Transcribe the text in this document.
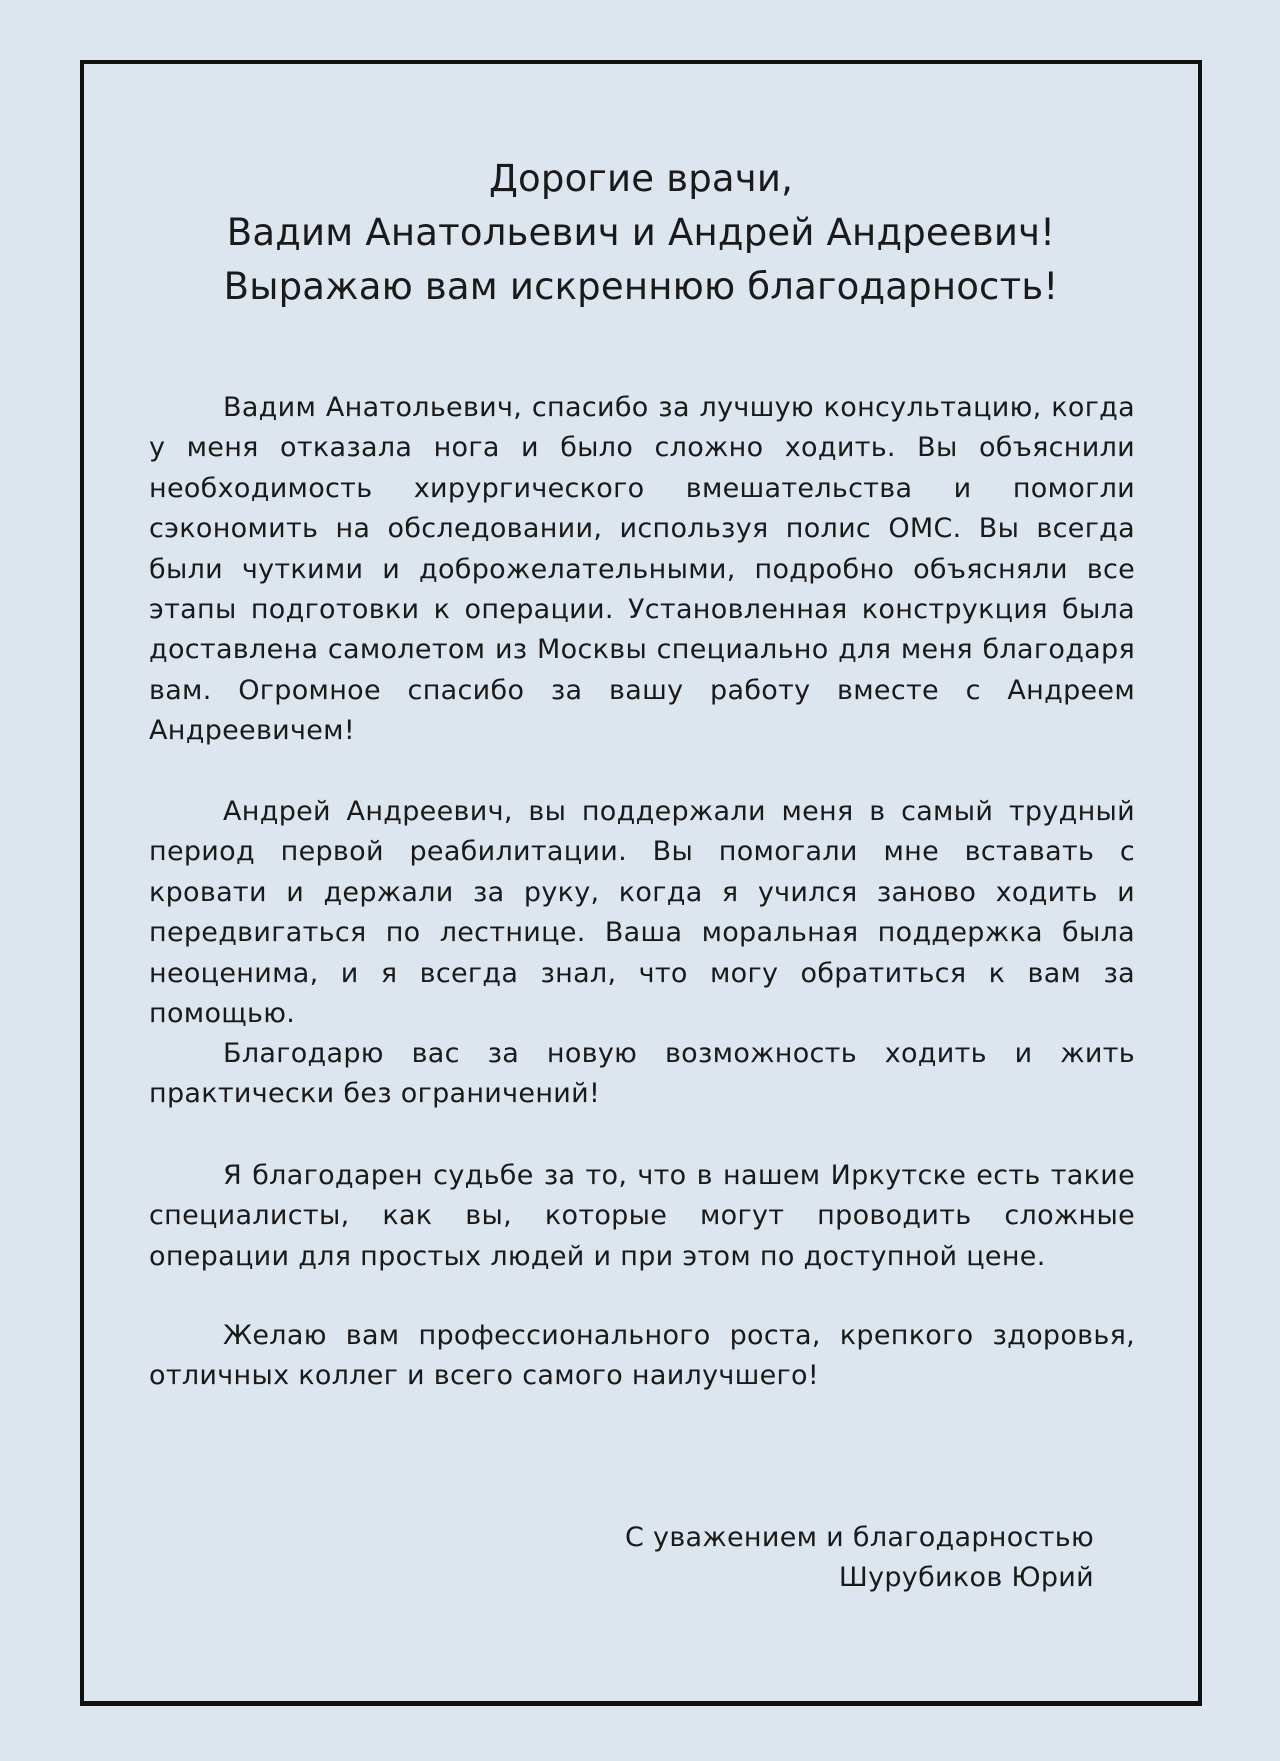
Дорогие врачи,
Вадим Анатольевич и Андрей Андреевич!
Выражаю вам искреннюю благодарность!

Вадим Анатольевич, спасибо за лучшую консультацию, когда у меня отказала нога и было сложно ходить. Вы объяснили необходимость хирургического вмешательства и помогли сэкономить на обследовании, используя полис ОМС. Вы всегда были чуткими и доброжелательными, подробно объясняли все этапы подготовки к операции. Установленная конструкция была доставлена самолетом из Москвы специально для меня благодаря вам. Огромное спасибо за вашу работу вместе с Андреем Андреевичем!

Андрей Андреевич, вы поддержали меня в самый трудный период первой реабилитации. Вы помогали мне вставать с кровати и держали за руку, когда я учился заново ходить и передвигаться по лестнице. Ваша моральная поддержка была неоценима, и я всегда знал, что могу обратиться к вам за помощью.

Благодарю вас за новую возможность ходить и жить практически без ограничений!

Я благодарен судьбе за то, что в нашем Иркутске есть такие специалисты, как вы, которые могут проводить сложные операции для простых людей и при этом по доступной цене.

Желаю вам профессионального роста, крепкого здоровья, отличных коллег и всего самого наилучшего!

С уважением и благодарностью
Шурубиков Юрий
